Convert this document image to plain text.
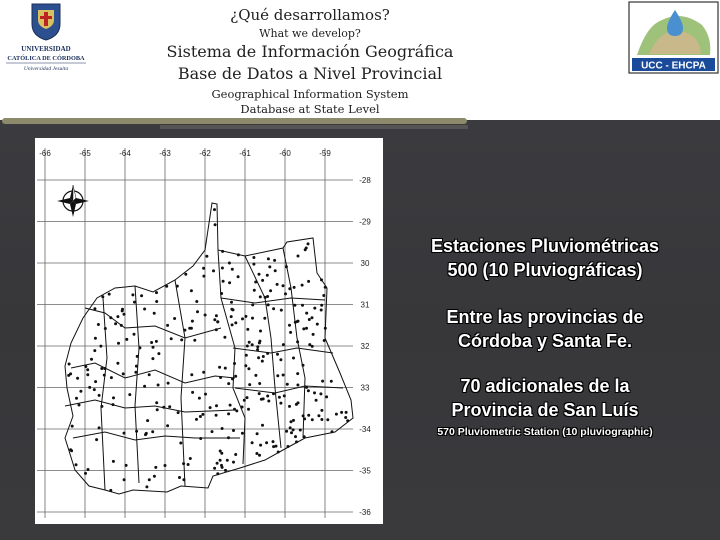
UNIVERSIDAD
CATÓLICA DE CÓRDOBA
Universidad Jesuita
¿Qué desarrollamos?
What we develop?
Sistema de Información Geográfica
Base de Datos a Nivel Provincial
Geographical Information System
Database at State Level
UCC - EHCPA
-66	-65	-64	-63	-62	-61	-60	-59
-28
-29
30
31
32
33
-34
-35
-36
Estaciones Pluviométricas
500 (10 Pluviográficas)
Entre las provincias de
Córdoba y Santa Fe.
70 adicionales de la
Provincia de San Luís
570 Pluviometric Station (10 pluviographic)
